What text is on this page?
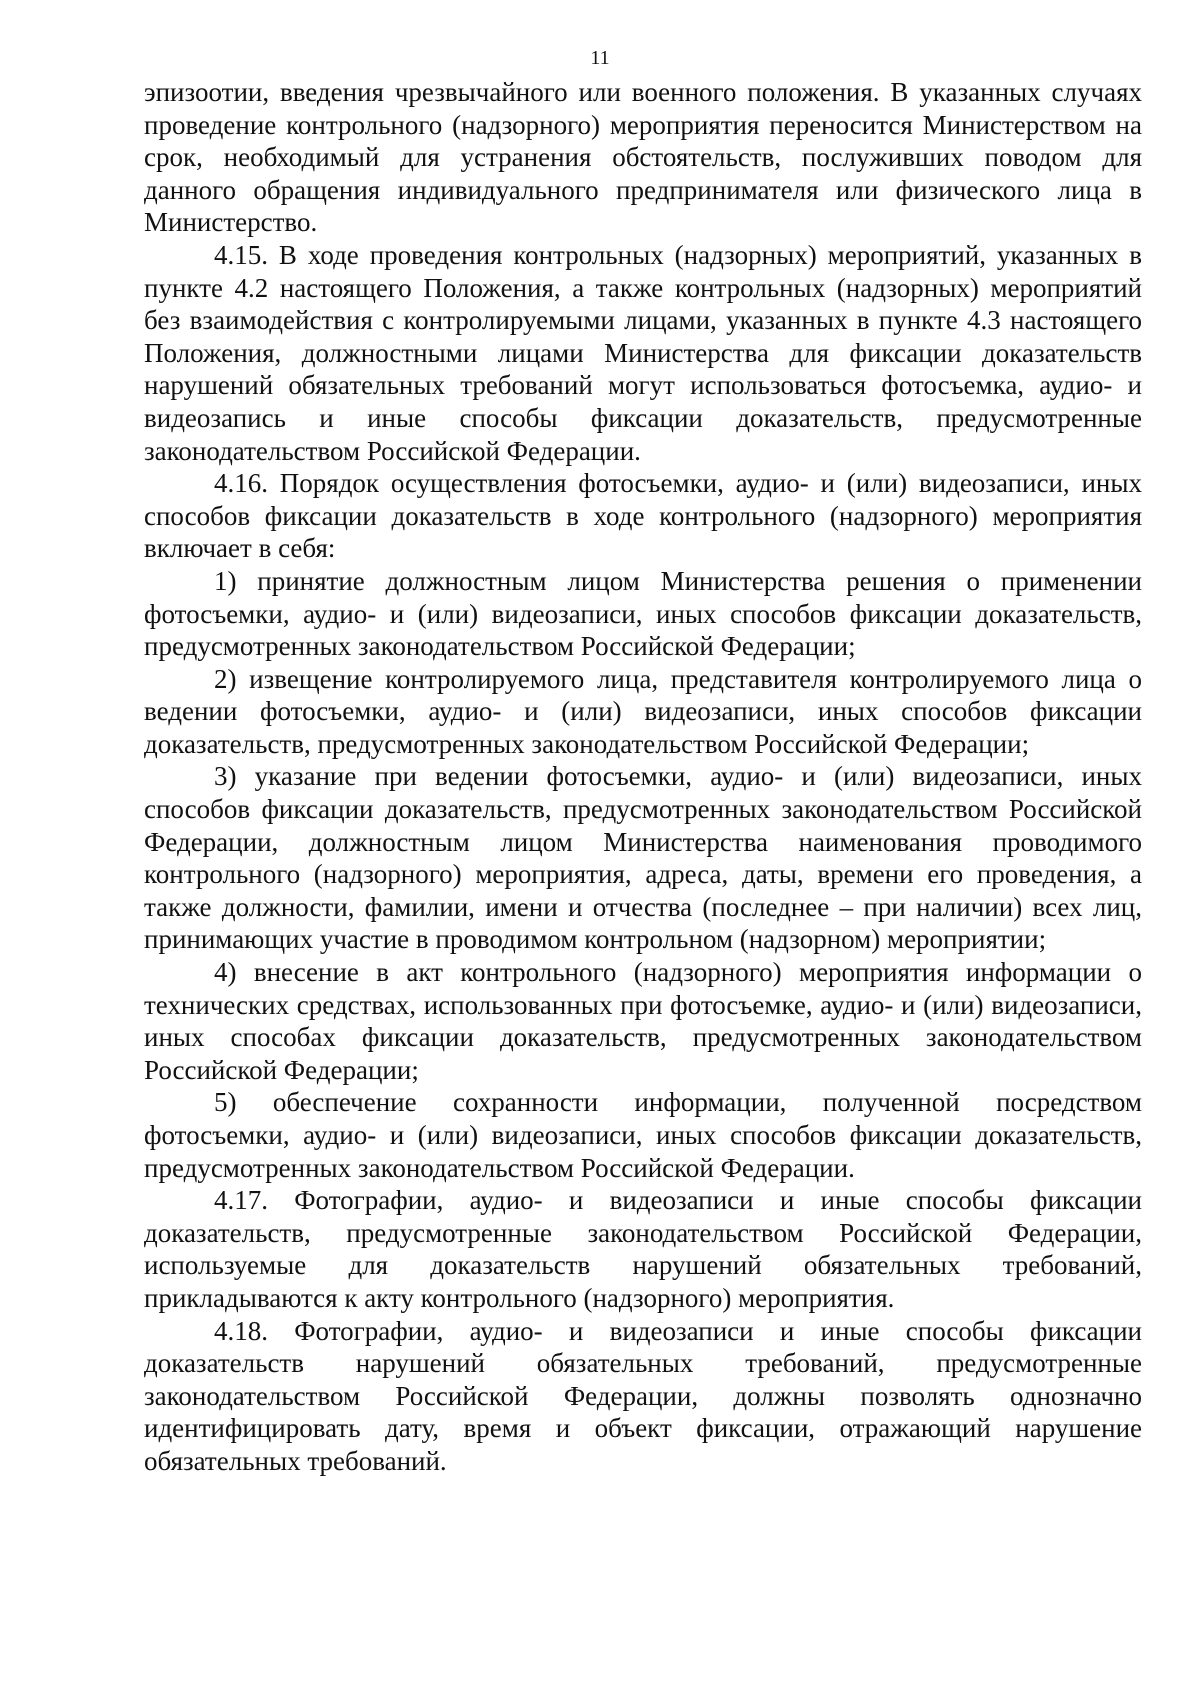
11

эпизоотии, введения чрезвычайного или военного положения. В указанных случаях проведение контрольного (надзорного) мероприятия переносится Министерством на срок, необходимый для устранения обстоятельств, послуживших поводом для данного обращения индивидуального предпринимателя или физического лица в Министерство.

4.15. В ходе проведения контрольных (надзорных) мероприятий, указанных в пункте 4.2 настоящего Положения, а также контрольных (надзорных) мероприятий без взаимодействия с контролируемыми лицами, указанных в пункте 4.3 настоящего Положения, должностными лицами Министерства для фиксации доказательств нарушений обязательных требований могут использоваться фотосъемка, аудио- и видеозапись и иные способы фиксации доказательств, предусмотренные законодательством Российской Федерации.

4.16. Порядок осуществления фотосъемки, аудио- и (или) видеозаписи, иных способов фиксации доказательств в ходе контрольного (надзорного) мероприятия включает в себя:

1) принятие должностным лицом Министерства решения о применении фотосъемки, аудио- и (или) видеозаписи, иных способов фиксации доказательств, предусмотренных законодательством Российской Федерации;

2) извещение контролируемого лица, представителя контролируемого лица о ведении фотосъемки, аудио- и (или) видеозаписи, иных способов фиксации доказательств, предусмотренных законодательством Российской Федерации;

3) указание при ведении фотосъемки, аудио- и (или) видеозаписи, иных способов фиксации доказательств, предусмотренных законодательством Российской Федерации, должностным лицом Министерства наименования проводимого контрольного (надзорного) мероприятия, адреса, даты, времени его проведения, а также должности, фамилии, имени и отчества (последнее – при наличии) всех лиц, принимающих участие в проводимом контрольном (надзорном) мероприятии;

4) внесение в акт контрольного (надзорного) мероприятия информации о технических средствах, использованных при фотосъемке, аудио- и (или) видеозаписи, иных способах фиксации доказательств, предусмотренных законодательством Российской Федерации;

5) обеспечение сохранности информации, полученной посредством фотосъемки, аудио- и (или) видеозаписи, иных способов фиксации доказательств, предусмотренных законодательством Российской Федерации.

4.17. Фотографии, аудио- и видеозаписи и иные способы фиксации доказательств, предусмотренные законодательством Российской Федерации, используемые для доказательств нарушений обязательных требований, прикладываются к акту контрольного (надзорного) мероприятия.

4.18. Фотографии, аудио- и видеозаписи и иные способы фиксации доказательств нарушений обязательных требований, предусмотренные законодательством Российской Федерации, должны позволять однозначно идентифицировать дату, время и объект фиксации, отражающий нарушение обязательных требований.
